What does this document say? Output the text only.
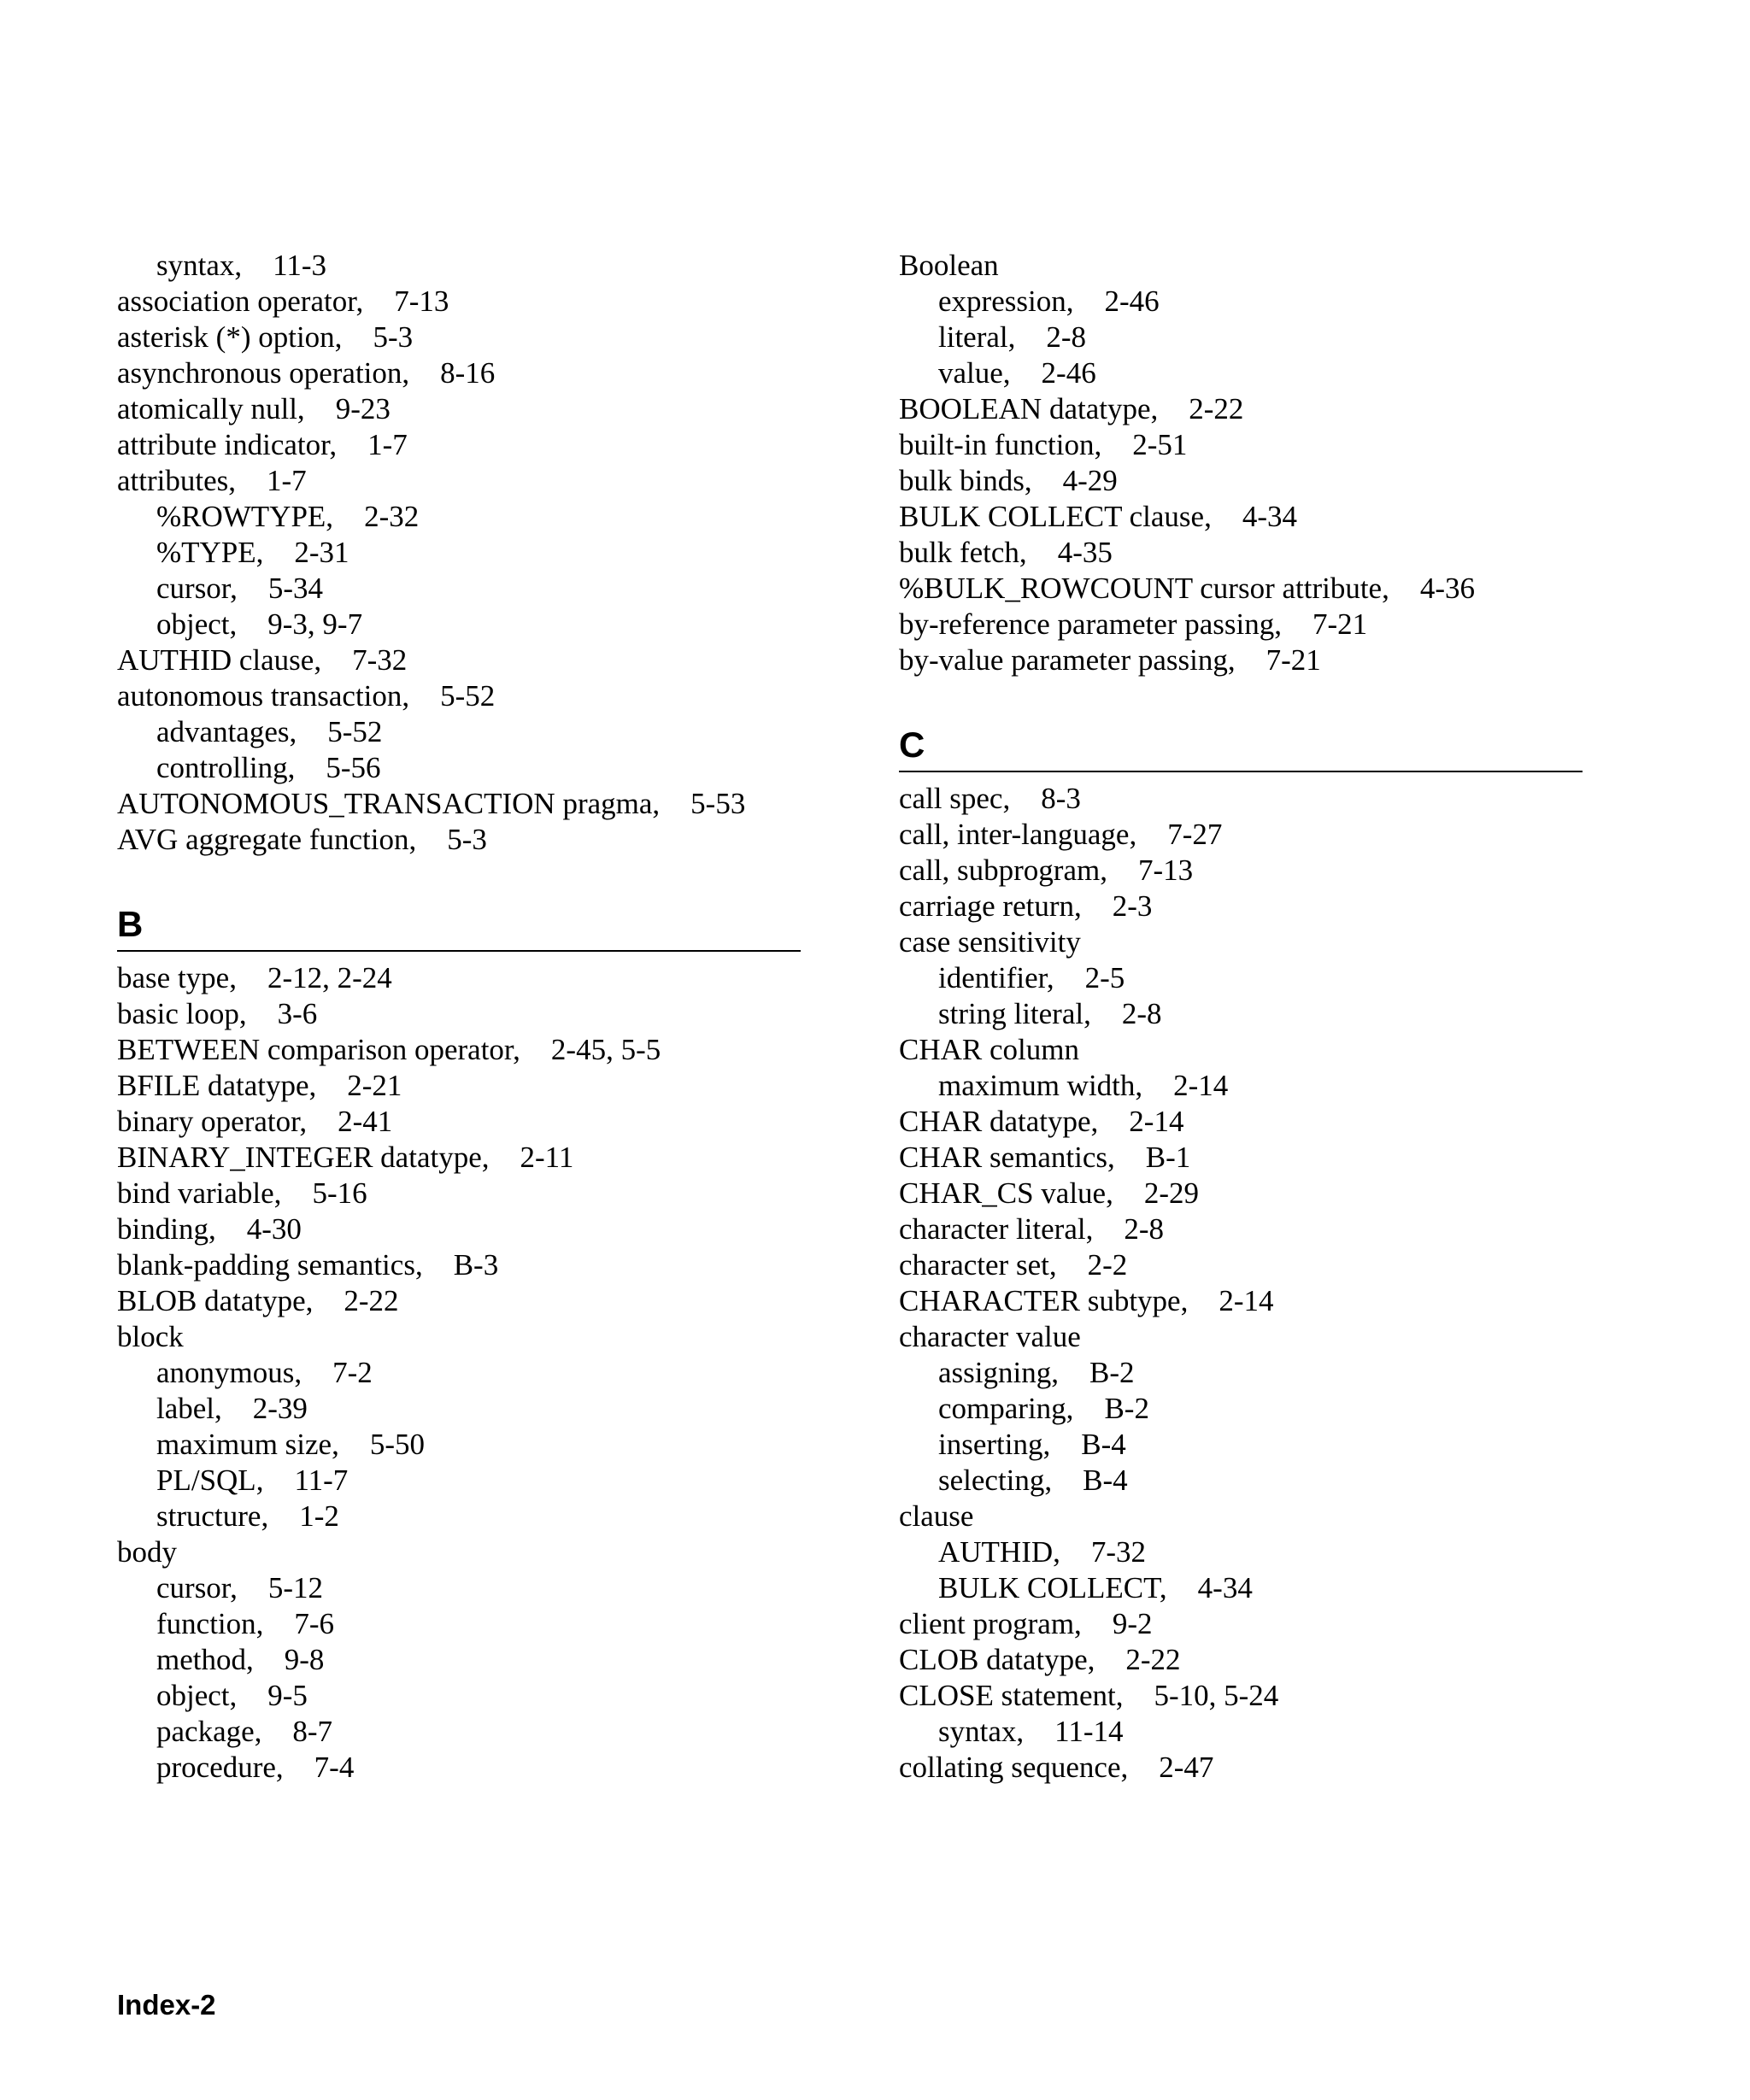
syntax, 11-3
association operator, 7-13
asterisk (*) option, 5-3
asynchronous operation, 8-16
atomically null, 9-23
attribute indicator, 1-7
attributes, 1-7
%ROWTYPE, 2-32
%TYPE, 2-31
cursor, 5-34
object, 9-3, 9-7
AUTHID clause, 7-32
autonomous transaction, 5-52
advantages, 5-52
controlling, 5-56
AUTONOMOUS_TRANSACTION pragma, 5-53
AVG aggregate function, 5-3
B
base type, 2-12, 2-24
basic loop, 3-6
BETWEEN comparison operator, 2-45, 5-5
BFILE datatype, 2-21
binary operator, 2-41
BINARY_INTEGER datatype, 2-11
bind variable, 5-16
binding, 4-30
blank-padding semantics, B-3
BLOB datatype, 2-22
block
anonymous, 7-2
label, 2-39
maximum size, 5-50
PL/SQL, 11-7
structure, 1-2
body
cursor, 5-12
function, 7-6
method, 9-8
object, 9-5
package, 8-7
procedure, 7-4
Boolean
expression, 2-46
literal, 2-8
value, 2-46
BOOLEAN datatype, 2-22
built-in function, 2-51
bulk binds, 4-29
BULK COLLECT clause, 4-34
bulk fetch, 4-35
%BULK_ROWCOUNT cursor attribute, 4-36
by-reference parameter passing, 7-21
by-value parameter passing, 7-21
C
call spec, 8-3
call, inter-language, 7-27
call, subprogram, 7-13
carriage return, 2-3
case sensitivity
identifier, 2-5
string literal, 2-8
CHAR column
maximum width, 2-14
CHAR datatype, 2-14
CHAR semantics, B-1
CHAR_CS value, 2-29
character literal, 2-8
character set, 2-2
CHARACTER subtype, 2-14
character value
assigning, B-2
comparing, B-2
inserting, B-4
selecting, B-4
clause
AUTHID, 7-32
BULK COLLECT, 4-34
client program, 9-2
CLOB datatype, 2-22
CLOSE statement, 5-10, 5-24
syntax, 11-14
collating sequence, 2-47
Index-2
